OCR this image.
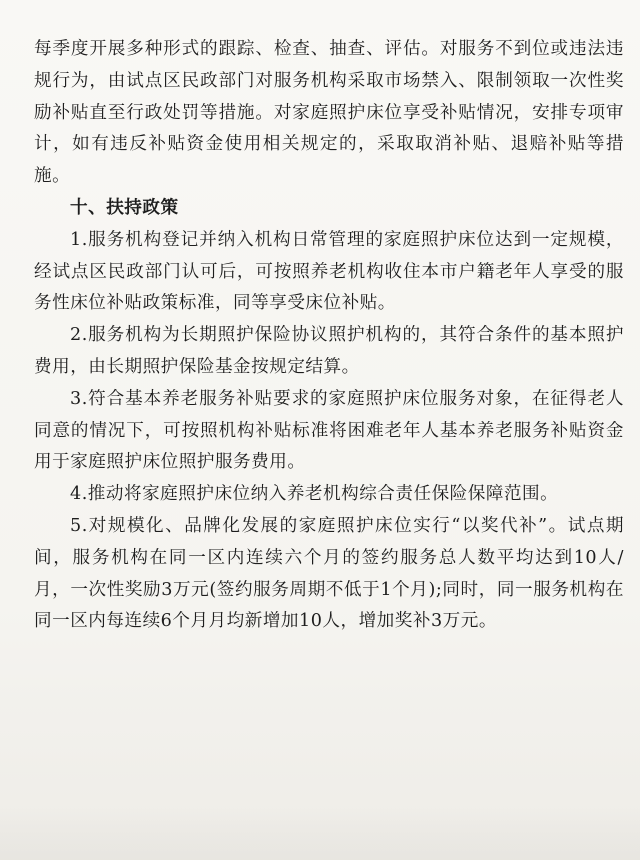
每季度开展多种形式的跟踪、检查、抽查、评估。对服务不到位或违法违规行为，由试点区民政部门对服务机构采取市场禁入、限制领取一次性奖励补贴直至行政处罚等措施。对家庭照护床位享受补贴情况，安排专项审计，如有违反补贴资金使用相关规定的，采取取消补贴、退赔补贴等措施。

十、扶持政策

1.服务机构登记并纳入机构日常管理的家庭照护床位达到一定规模，经试点区民政部门认可后，可按照养老机构收住本市户籍老年人享受的服务性床位补贴政策标准，同等享受床位补贴。

2.服务机构为长期照护保险协议照护机构的，其符合条件的基本照护费用，由长期照护保险基金按规定结算。

3.符合基本养老服务补贴要求的家庭照护床位服务对象，在征得老人同意的情况下，可按照机构补贴标准将困难老年人基本养老服务补贴资金用于家庭照护床位照护服务费用。

4.推动将家庭照护床位纳入养老机构综合责任保险保障范围。

5.对规模化、品牌化发展的家庭照护床位实行“以奖代补”。试点期间，服务机构在同一区内连续六个月的签约服务总人数平均达到10人/月，一次性奖励3万元(签约服务周期不低于1个月);同时，同一服务机构在同一区内每连续6个月月均新增加10人，增加奖补3万元。
